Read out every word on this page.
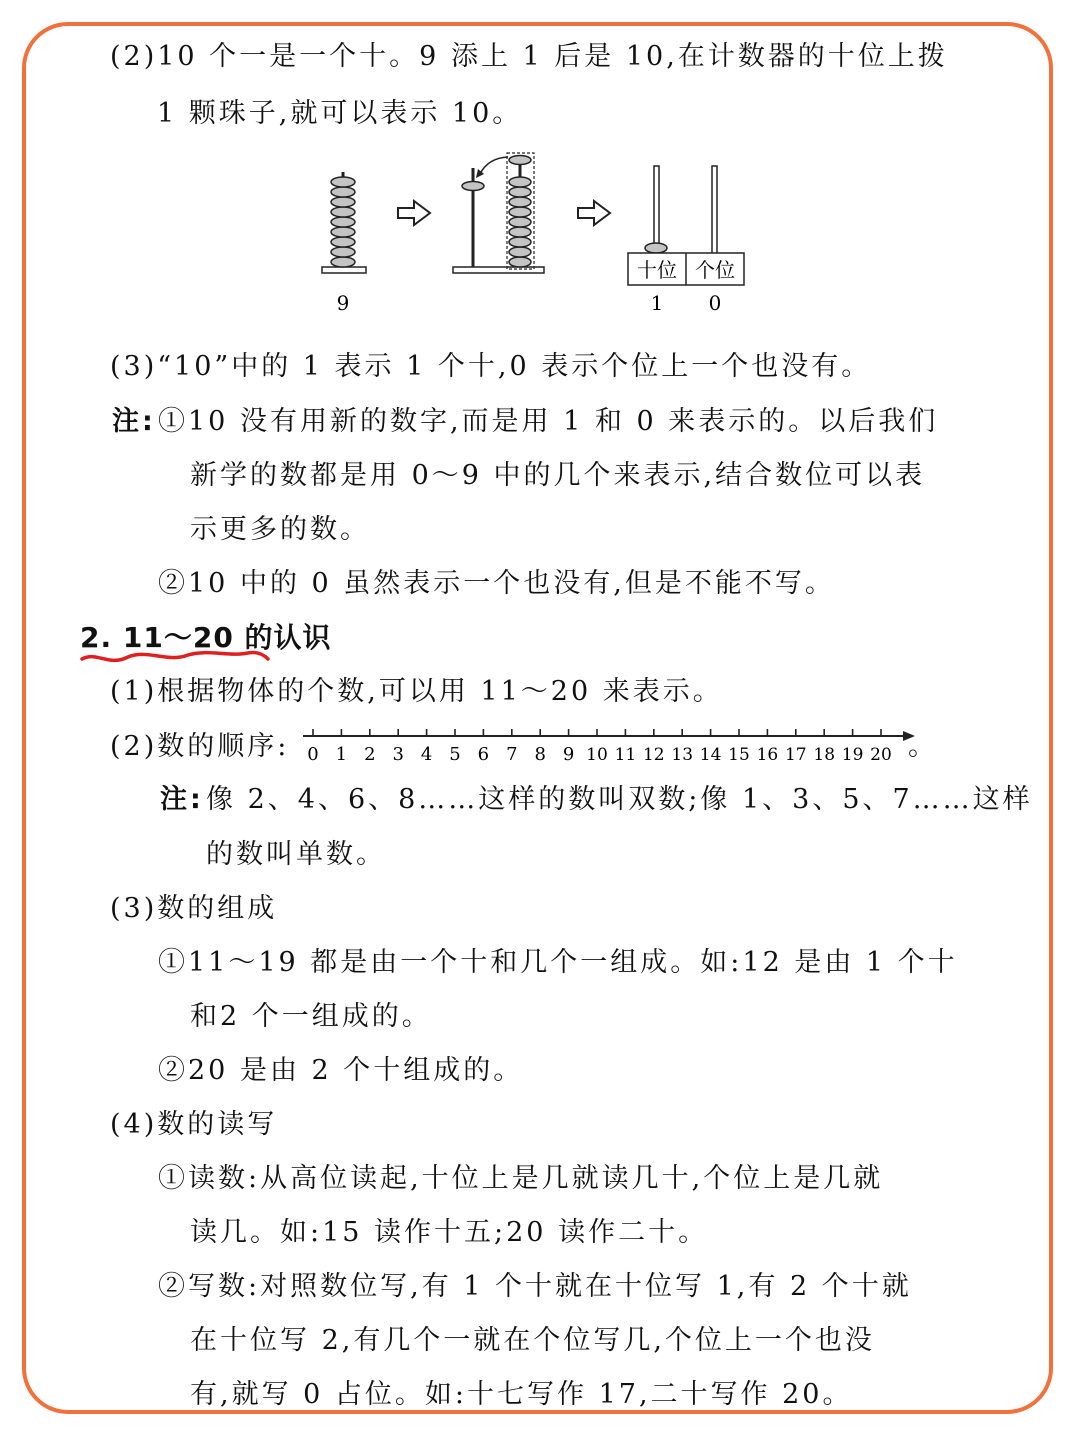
(2)10 个一是一个十。9 添上 1 后是 10,在计数器的十位上拨
1 颗珠子,就可以表示 10。
9
十位 个位
1 0
(3)“10”中的 1 表示 1 个十,0 表示个位上一个也没有。
注: ①10 没有用新的数字,而是用 1 和 0 来表示的。以后我们
新学的数都是用 0～9 中的几个来表示,结合数位可以表
示更多的数。
②10 中的 0 虽然表示一个也没有,但是不能不写。
2. 11～20 的认识
(1)根据物体的个数,可以用 11～20 来表示。
(2)数的顺序: 0 1 2 3 4 5 6 7 8 9 10 11 12 13 14 15 16 17 18 19 20 。
注: 像 2、4、6、8……这样的数叫双数;像 1、3、5、7……这样
的数叫单数。
(3)数的组成
①11～19 都是由一个十和几个一组成。如:12 是由 1 个十
和2 个一组成的。
②20 是由 2 个十组成的。
(4)数的读写
①读数:从高位读起,十位上是几就读几十,个位上是几就
读几。如:15 读作十五;20 读作二十。
②写数:对照数位写,有 1 个十就在十位写 1,有 2 个十就
在十位写 2,有几个一就在个位写几,个位上一个也没
有,就写 0 占位。如:十七写作 17,二十写作 20。
